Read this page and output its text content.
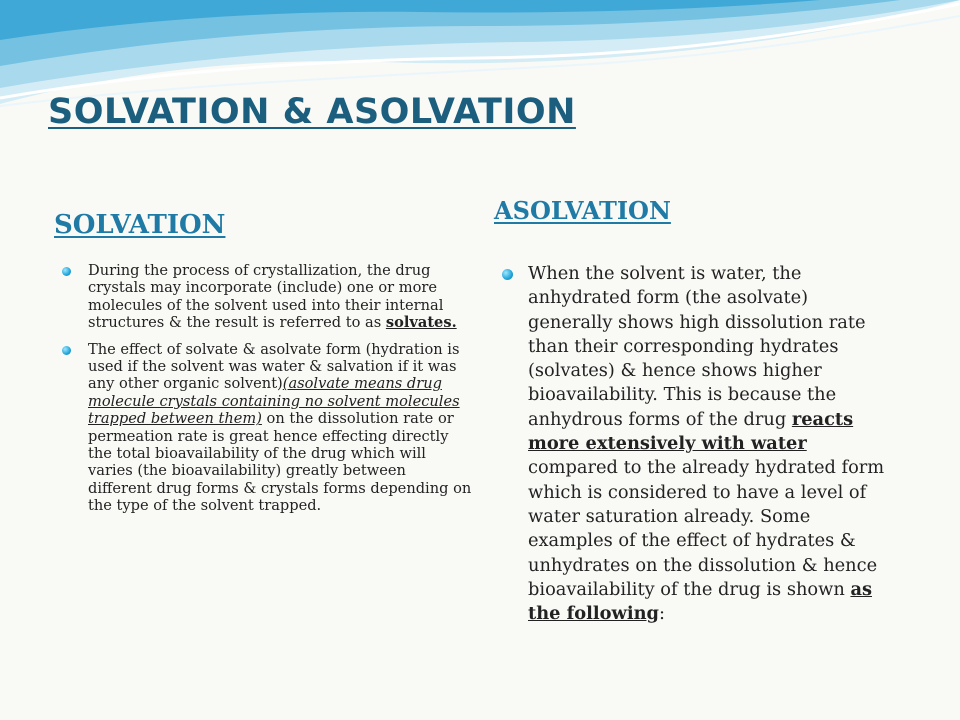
SOLVATION & ASOLVATION
SOLVATION	ASOLVATION
During the process of crystallization, the drug crystals may incorporate (include) one or more molecules of the solvent used into their internal structures & the result is referred to as solvates.
The effect of solvate & asolvate form (hydration is used if the solvent was water & salvation if it was any other organic solvent)(asolvate means drug molecule crystals containing no solvent molecules trapped between them) on the dissolution rate or permeation rate is great hence effecting directly the total bioavailability of the drug which will varies (the bioavailability) greatly between different drug forms & crystals forms depending on the type of the solvent trapped.
When the solvent is water, the anhydrated form (the asolvate) generally shows high dissolution rate than their corresponding hydrates (solvates) & hence shows higher bioavailability. This is because the anhydrous forms of the drug reacts more extensively with water compared to the already hydrated form which is considered to have a level of water saturation already. Some examples of the effect of hydrates & unhydrates on the dissolution & hence bioavailability of the drug is shown as the following:
